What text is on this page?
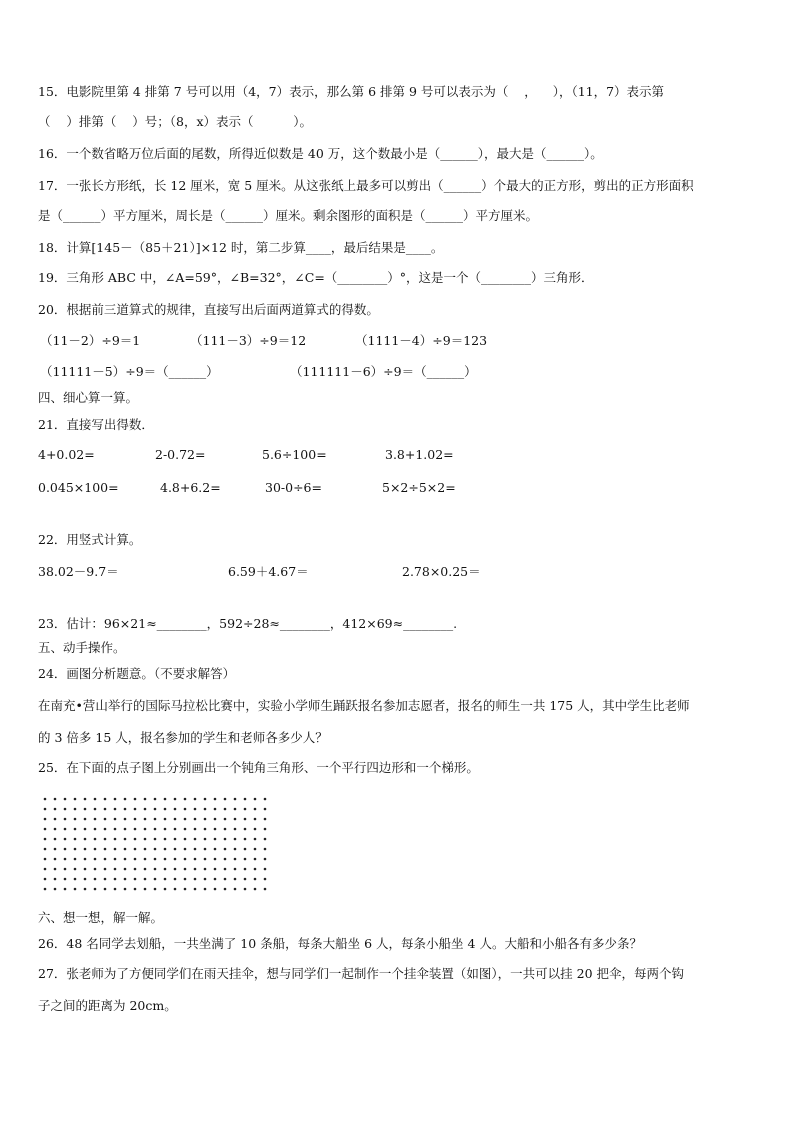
15．电影院里第 4 排第 7 号可以用（4，7）表示，那么第 6 排第 9 号可以表示为（    ，    ），（11，7）表示第
（    ）排第（    ）号；（8，x）表示（          ）。
16．一个数省略万位后面的尾数，所得近似数是 40 万，这个数最小是（______），最大是（______）。
17．一张长方形纸，长 12 厘米，宽 5 厘米。从这张纸上最多可以剪出（______）个最大的正方形，剪出的正方形面积
是（______）平方厘米，周长是（______）厘米。剩余图形的面积是（______）平方厘米。
18．计算[145－（85＋21）]×12 时，第二步算____，最后结果是____。
19．三角形 ABC 中，∠A=59°，∠B=32°，∠C=（________）°，这是一个（________）三角形．
20．根据前三道算式的规律，直接写出后面两道算式的得数。
（11－2）÷9＝1	（111－3）÷9＝12	（1111－4）÷9＝123
（11111－5）÷9＝（______）	（111111－6）÷9＝（______）
四、细心算一算。
21．直接写出得数．
4+0.02=	2-0.72=	5.6÷100=	3.8+1.02=
0.045×100=	4.8+6.2=	30-0÷6=	5×2÷5×2=
22．用竖式计算。
38.02－9.7＝	6.59＋4.67＝	2.78×0.25＝
23．估计：96×21≈________，592÷28≈________，412×69≈________.
五、动手操作。
24．画图分析题意。（不要求解答）
在南充•营山举行的国际马拉松比赛中，实验小学师生踊跃报名参加志愿者，报名的师生一共 175 人，其中学生比老师
的 3 倍多 15 人，报名参加的学生和老师各多少人？
25．在下面的点子图上分别画出一个钝角三角形、一个平行四边形和一个梯形。
六、想一想，解一解。
26．48 名同学去划船，一共坐满了 10 条船，每条大船坐 6 人，每条小船坐 4 人。大船和小船各有多少条？
27．张老师为了方便同学们在雨天挂伞，想与同学们一起制作一个挂伞装置（如图），一共可以挂 20 把伞，每两个钩
子之间的距离为 20cm。
